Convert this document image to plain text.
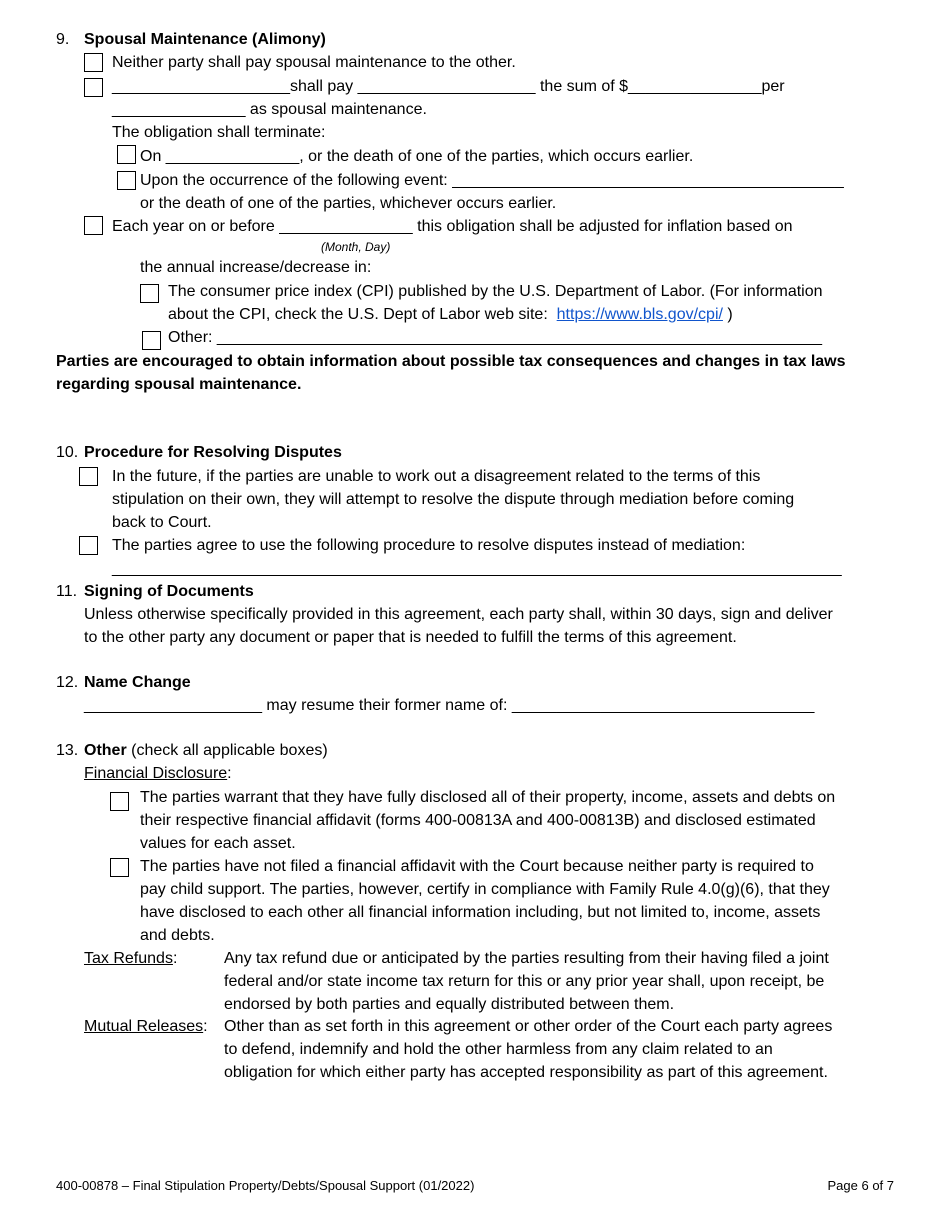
9. Spousal Maintenance (Alimony)
Neither party shall pay spousal maintenance to the other.
____________________shall pay ____________________ the sum of $_______________per
_______________ as spousal maintenance.
The obligation shall terminate:
On _______________, or the death of one of the parties, which occurs earlier.
Upon the occurrence of the following event: ____________________________________________
or the death of one of the parties, whichever occurs earlier.
Each year on or before _______________ this obligation shall be adjusted for inflation based on
(Month, Day)
the annual increase/decrease in:
The consumer price index (CPI) published by the U.S. Department of Labor. (For information
about the CPI, check the U.S. Dept of Labor web site: https://www.bls.gov/cpi/ )
Other: ____________________________________________________________________
Parties are encouraged to obtain information about possible tax consequences and changes in tax laws
regarding spousal maintenance.
10. Procedure for Resolving Disputes
In the future, if the parties are unable to work out a disagreement related to the terms of this
stipulation on their own, they will attempt to resolve the dispute through mediation before coming
back to Court.
The parties agree to use the following procedure to resolve disputes instead of mediation:
__________________________________________________________________________________
11. Signing of Documents
Unless otherwise specifically provided in this agreement, each party shall, within 30 days, sign and deliver
to the other party any document or paper that is needed to fulfill the terms of this agreement.
12. Name Change
____________________ may resume their former name of: __________________________________
13. Other (check all applicable boxes)
Financial Disclosure:
The parties warrant that they have fully disclosed all of their property, income, assets and debts on
their respective financial affidavit (forms 400-00813A and 400-00813B) and disclosed estimated
values for each asset.
The parties have not filed a financial affidavit with the Court because neither party is required to
pay child support. The parties, however, certify in compliance with Family Rule 4.0(g)(6), that they
have disclosed to each other all financial information including, but not limited to, income, assets
and debts.
Tax Refunds:	Any tax refund due or anticipated by the parties resulting from their having filed a joint
federal and/or state income tax return for this or any prior year shall, upon receipt, be
endorsed by both parties and equally distributed between them.
Mutual Releases: Other than as set forth in this agreement or other order of the Court each party agrees
to defend, indemnify and hold the other harmless from any claim related to an
obligation for which either party has accepted responsibility as part of this agreement.
400-00878 – Final Stipulation Property/Debts/Spousal Support (01/2022)	Page 6 of 7
